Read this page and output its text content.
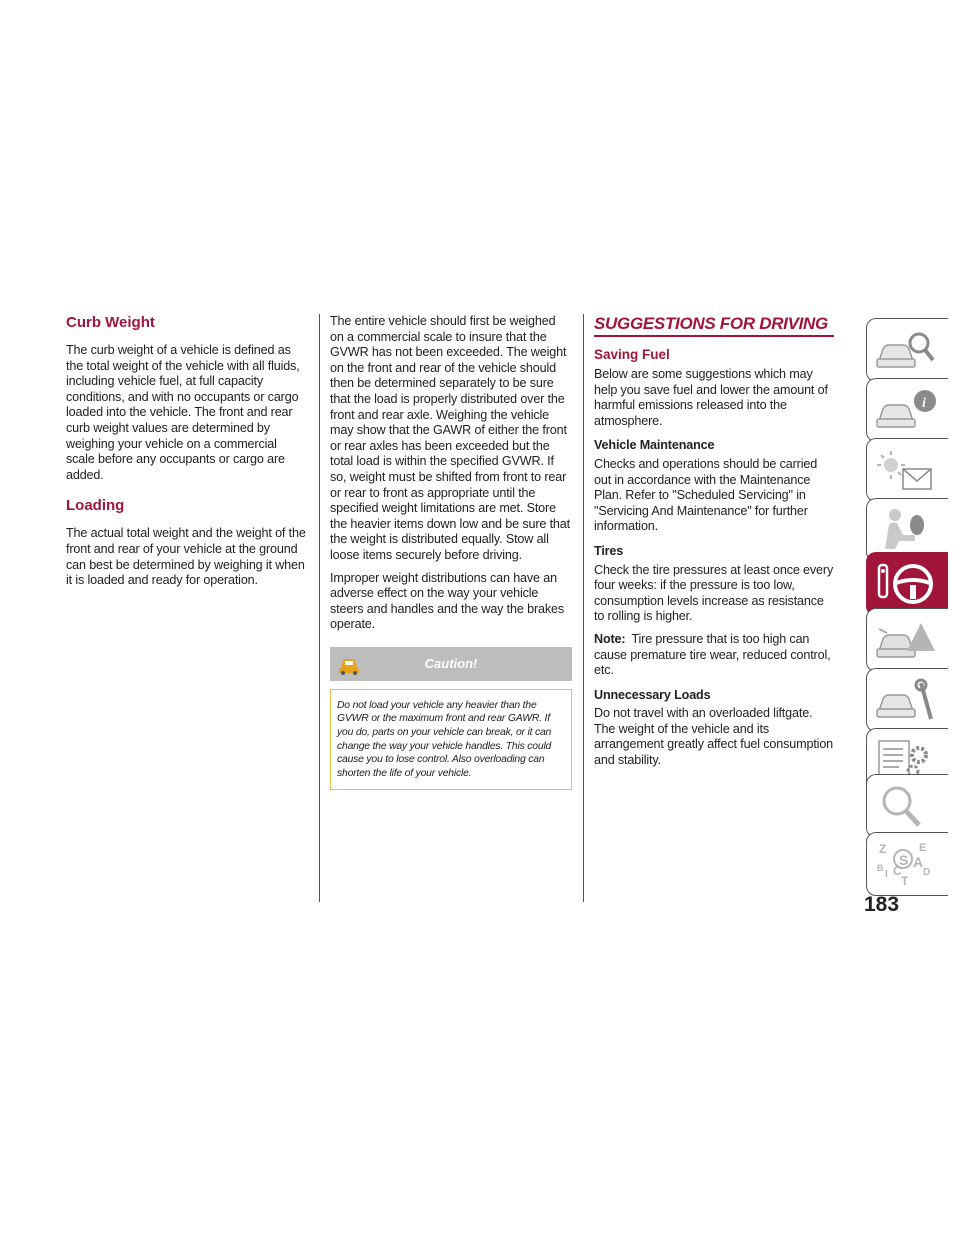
Curb Weight

The curb weight of a vehicle is defined as the total weight of the vehicle with all fluids, including vehicle fuel, at full capacity conditions, and with no occupants or cargo loaded into the vehicle. The front and rear curb weight values are determined by weighing your vehicle on a commercial scale before any occupants or cargo are added.

Loading

The actual total weight and the weight of the front and rear of your vehicle at the ground can best be determined by weighing it when it is loaded and ready for operation.

The entire vehicle should first be weighed on a commercial scale to insure that the GVWR has not been exceeded. The weight on the front and rear of the vehicle should then be determined separately to be sure that the load is properly distributed over the front and rear axle. Weighing the vehicle may show that the GAWR of either the front or rear axles has been exceeded but the total load is within the specified GVWR. If so, weight must be shifted from front to rear or rear to front as appropriate until the specified weight limitations are met. Store the heavier items down low and be sure that the weight is distributed equally. Stow all loose items securely before driving.

Improper weight distributions can have an adverse effect on the way your vehicle steers and handles and the way the brakes operate.

Caution!

Do not load your vehicle any heavier than the GVWR or the maximum front and rear GAWR. If you do, parts on your vehicle can break, or it can change the way your vehicle handles. This could cause you to lose control. Also overloading can shorten the life of your vehicle.

SUGGESTIONS FOR DRIVING
Saving Fuel

Below are some suggestions which may help you save fuel and lower the amount of harmful emissions released into the atmosphere.

Vehicle Maintenance

Checks and operations should be carried out in accordance with the Maintenance Plan. Refer to "Scheduled Servicing" in "Servicing And Maintenance" for further information.

Tires

Check the tire pressures at least once every four weeks: if the pressure is too low, consumption levels increase as resistance to rolling is higher.

Note: Tire pressure that is too high can cause premature tire wear, reduced control, etc.

Unnecessary Loads

Do not travel with an overloaded liftgate. The weight of the vehicle and its arrangement greatly affect fuel consumption and stability.

i
Z	E
B A
I C D
T
S
183
